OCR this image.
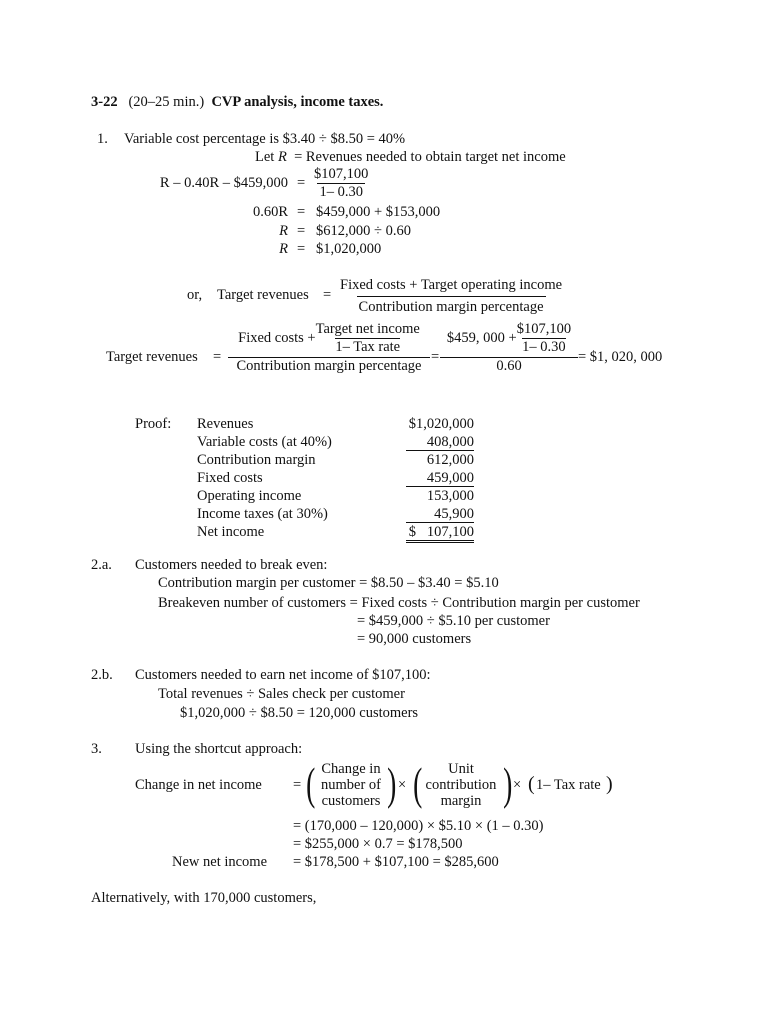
3-22 (20–25 min.) CVP analysis, income taxes.
1. Variable cost percentage is $3.40 ÷ $8.50 = 40%
Let R = Revenues needed to obtain target net income
R – 0.40R – $459,000 = $\frac{\$107,100}{1- 0.30}$
0.60R = $459,000 + $153,000
R = $612,000 ÷ 0.60
R = $1,020,000
or, Target revenues =
Fixed costs + Target operating income
Contribution margin percentage
Target revenues =
Fixed costs +
Target net income
1– Tax rate
Contribution margin percentage
= $\frac{\$459, 000 + \frac{\$107,100}{1- 0.30}}{0.60}$ = $1, 020, 000
Proof: Revenues	$1,020,000
Variable costs (at 40%)	408,000
Contribution margin	612,000
Fixed costs	459,000
Operating income	153,000
Income taxes (at 30%)	45,900
Net income	$   107,100
2.a. Customers needed to break even:
Contribution margin per customer = $8.50 – $3.40 = $5.10
Breakeven number of customers = Fixed costs ÷ Contribution margin per customer
= $459,000 ÷ $5.10 per customer
= 90,000 customers
2.b. Customers needed to earn net income of $107,100:
Total revenues ÷ Sales check per customer
$1,020,000 ÷ $8.50 = 120,000 customers
3. Using the shortcut approach:
Change in net income = ( Change in
number of
customers ) × ( Unit
contribution
margin ) × ( 1– Tax rate )
= (170,000 – 120,000) × $5.10 × (1 – 0.30)
= $255,000 × 0.7 = $178,500
New net income = $178,500 + $107,100 = $285,600
Alternatively, with 170,000 customers,
